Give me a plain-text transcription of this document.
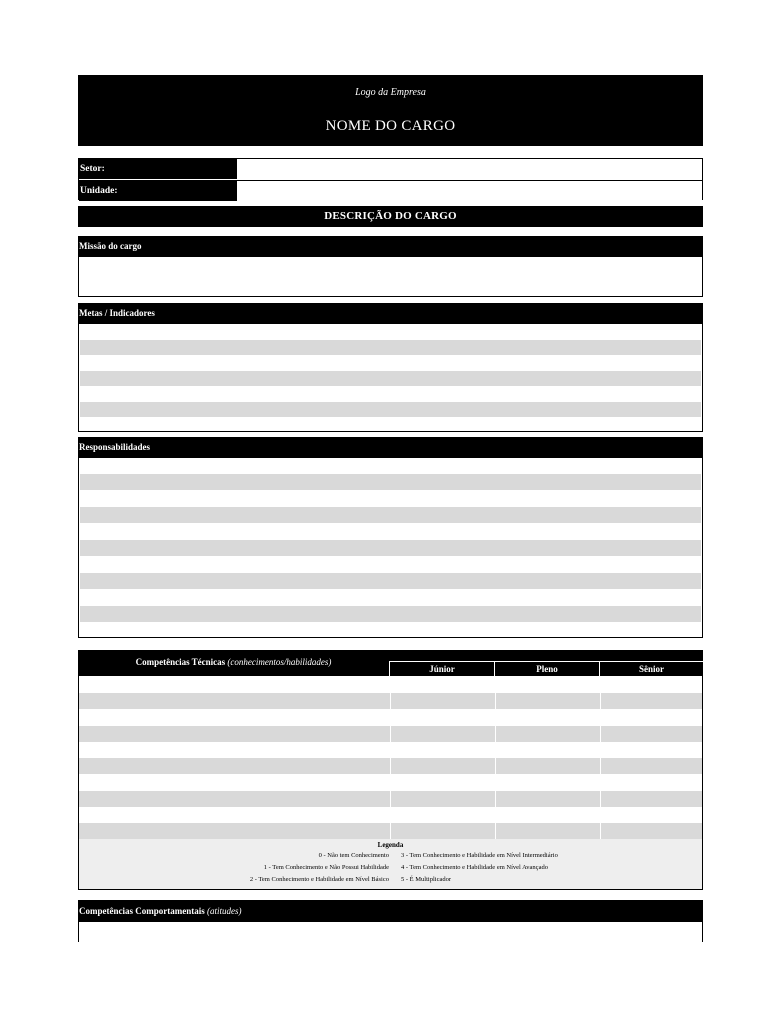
Logo da Empresa
NOME DO CARGO
Setor:
Unidade:
DESCRIÇÃO DO CARGO
Missão do cargo
Metas / Indicadores
Responsabilidades
Competências Técnicas (conhecimentos/habilidades)
Júnior	Pleno	Sênior
Legenda
0 - Não tem Conhecimento
1 - Tem Conhecimento e Não Possui Habilidade
2 - Tem Conhecimento e Habilidade em Nível Básico
3 - Tem Conhecimento e Habilidade em Nível Intermediário
4 - Tem Conhecimento e Habilidade em Nível Avançado
5 - É Multiplicador
Competências Comportamentais (atitudes)
